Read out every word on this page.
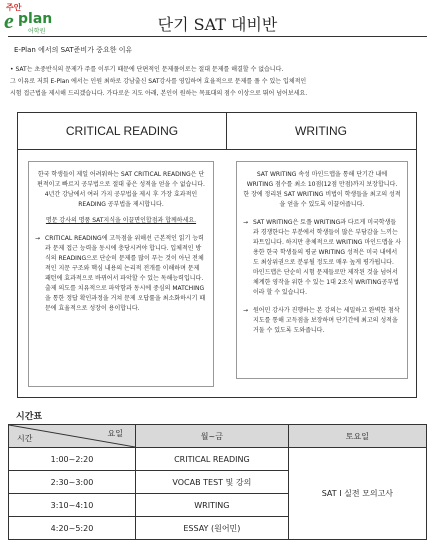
주안
e plan
어학원	단기 SAT 대비반
E-Plan 에서의 SAT준비가 중요한 이유

• SAT는 초중반식의 문제가 주를 이루기 때문에 단편적인 문제풀이로는 절대 문제를 해결할 수 없습니다.

그 이유로 저희 E-Plan 에서는 인원 최하로 강남출신 SAT강사를 영입하여 효율적으로 문제를 풀 수 있는 입체적인

시험 접근법을 제시해 드리겠습니다. 가다로운 지도 아래, 본인이 원하는 목표대의 점수 이상으로 뛰어 넘어보세요.

CRITICAL READING	WRITING

한국 학생들이 제일 어려워하는 SAT CRITICAL READING은 단편적이고 빠르지 공부법으로 절대 좋은 성적을 얻을 수 없습니다. 4년간 강남에서 여러 가지 공부법을 제시 후 가장 효과적인 READING 공부법을 제시합니다.

명문 강사의 명품 SAT지식을 이끌면인합점과 합께하세요.

→ CRITICAL READING에 고득점을 위해선 근본적인 읽기 능력과 문제 접근 능력을 동시에 충당시켜야 합니다. 입체적인 방식의 READING으로 단순히 문제를 많이 푸는 것이 아닌 전체적인 지문 구조와 핵심 내용의 논리적 전개를 이해하며 문제 패턴에 효과적으로 바뀌어서 파악할 수 있는 독해능력입니다. 출제 의도를 치유적으로 파악함과 동시에 중심의 MATCHING을 통한 정답 확인과정을 거쳐 문제 오답률을 최소화하시기 때문에 효율적으로 성장이 용이합니다.

SAT WRITING 속성 마인드맵을 통해 단기간 내에 WRITING 점수를 최소 10점(12점 만점)까지 보장합니다. 한 장에 정리된 SAT WRITING 비법이 학생들을 최고의 성적을 얻을 수 있도록 이끌어줍니다.

→ SAT WRITING은 토플 WRITING과 다르게 미국학생들과 경쟁한다는 부분에서 학생들이 많은 부담감을 느끼는 파트입니다. 하지만 총체적으로 WRITING 마인드맵을 사용한 한국 학생들의 평균 WRITING 성적은 미국 내에서도 최상위권으로 분류될 정도로 매우 높게 평가됩니다. 마인드맵은 단순히 시험 문제들로만 제작된 것을 넘어서 체계한 영작을 위한 수 있는 1대 2조식 WRITING공부법이라 할 수 있습니다.
→ 원어민 강사가 진행하는 본 강의는 세밀하고 완벽한 첨삭지도를 통해 고득점을 보장하며 단기간에 최고의 성적을 거둘 수 있도록 도와줍니다.
시간표
시간
요일	월~금	토요일
1:00~2:20	CRITICAL READING	SAT I 실전 모의고사
2:30~3:00	VOCAB TEST 및 강의	
3:10~4:10	WRITING	
4:20~5:20	ESSAY (원어민)	
